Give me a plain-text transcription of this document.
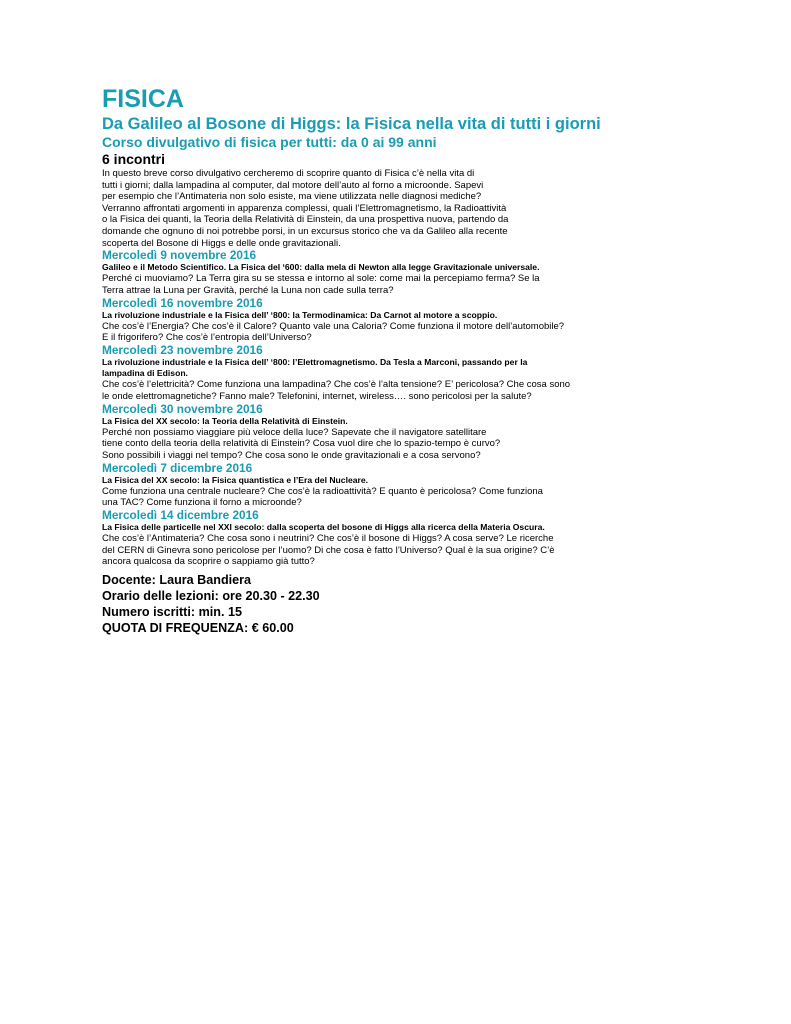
FISICA
Da Galileo al Bosone di Higgs: la Fisica nella vita di tutti i giorni
Corso divulgativo di fisica per tutti: da 0 ai 99 anni
6 incontri
In questo breve corso divulgativo cercheremo di scoprire quanto di Fisica c’è nella vita di
tutti i giorni; dalla lampadina al computer, dal motore dell’auto al forno a microonde. Sapevi
per esempio che l’Antimateria non solo esiste, ma viene utilizzata nelle diagnosi mediche?
Verranno affrontati argomenti in apparenza complessi, quali l’Elettromagnetismo, la Radioattività
o la Fisica dei quanti, la Teoria della Relatività di Einstein, da una prospettiva nuova, partendo da
domande che ognuno di noi potrebbe porsi, in un excursus storico che va da Galileo alla recente
scoperta del Bosone di Higgs e delle onde gravitazionali.
Mercoledì 9 novembre 2016
Galileo e il Metodo Scientifico. La Fisica del ‘600: dalla mela di Newton alla legge Gravitazionale universale.
Perché ci muoviamo? La Terra gira su se stessa e intorno al sole: come mai la percepiamo ferma? Se la
Terra attrae la Luna per Gravità, perché la Luna non cade sulla terra?
Mercoledì 16 novembre 2016
La rivoluzione industriale e la Fisica dell’ ‘800: la Termodinamica: Da Carnot al motore a scoppio.
Che cos’è l’Energia? Che cos’è il Calore? Quanto vale una Caloria? Come funziona il motore dell’automobile?
E il frigorifero? Che cos’è l’entropia dell’Universo?
Mercoledì 23 novembre 2016
La rivoluzione industriale e la Fisica dell’ ‘800: l’Elettromagnetismo. Da Tesla a Marconi, passando per la
lampadina di Edison.
Che cos’è l’elettricità? Come funziona una lampadina? Che cos’è l’alta tensione? E’ pericolosa? Che cosa sono
le onde elettromagnetiche? Fanno male? Telefonini, internet, wireless…. sono pericolosi per la salute?
Mercoledì 30 novembre 2016
La Fisica del XX secolo: la Teoria della Relatività di Einstein.
Perché non possiamo viaggiare più veloce della luce? Sapevate che il navigatore satellitare
tiene conto della teoria della relatività di Einstein? Cosa vuol dire che lo spazio-tempo è curvo?
Sono possibili i viaggi nel tempo? Che cosa sono le onde gravitazionali e a cosa servono?
Mercoledì 7 dicembre 2016
La Fisica del XX secolo: la Fisica quantistica e l’Era del Nucleare.
Come funziona una centrale nucleare? Che cos’è la radioattività? E quanto è pericolosa? Come funziona
una TAC? Come funziona il forno a microonde?
Mercoledì 14 dicembre 2016
La Fisica delle particelle nel XXI secolo: dalla scoperta del bosone di Higgs alla ricerca della Materia Oscura.
Che cos’è l’Antimateria? Che cosa sono i neutrini? Che cos’è il bosone di Higgs? A cosa serve? Le ricerche
del CERN di Ginevra sono pericolose per l’uomo? Di che cosa è fatto l’Universo? Qual è la sua origine? C’è
ancora qualcosa da scoprire o sappiamo già tutto?
Docente: Laura Bandiera
Orario delle lezioni: ore 20.30 - 22.30
Numero iscritti: min. 15
QUOTA DI FREQUENZA: € 60.00
